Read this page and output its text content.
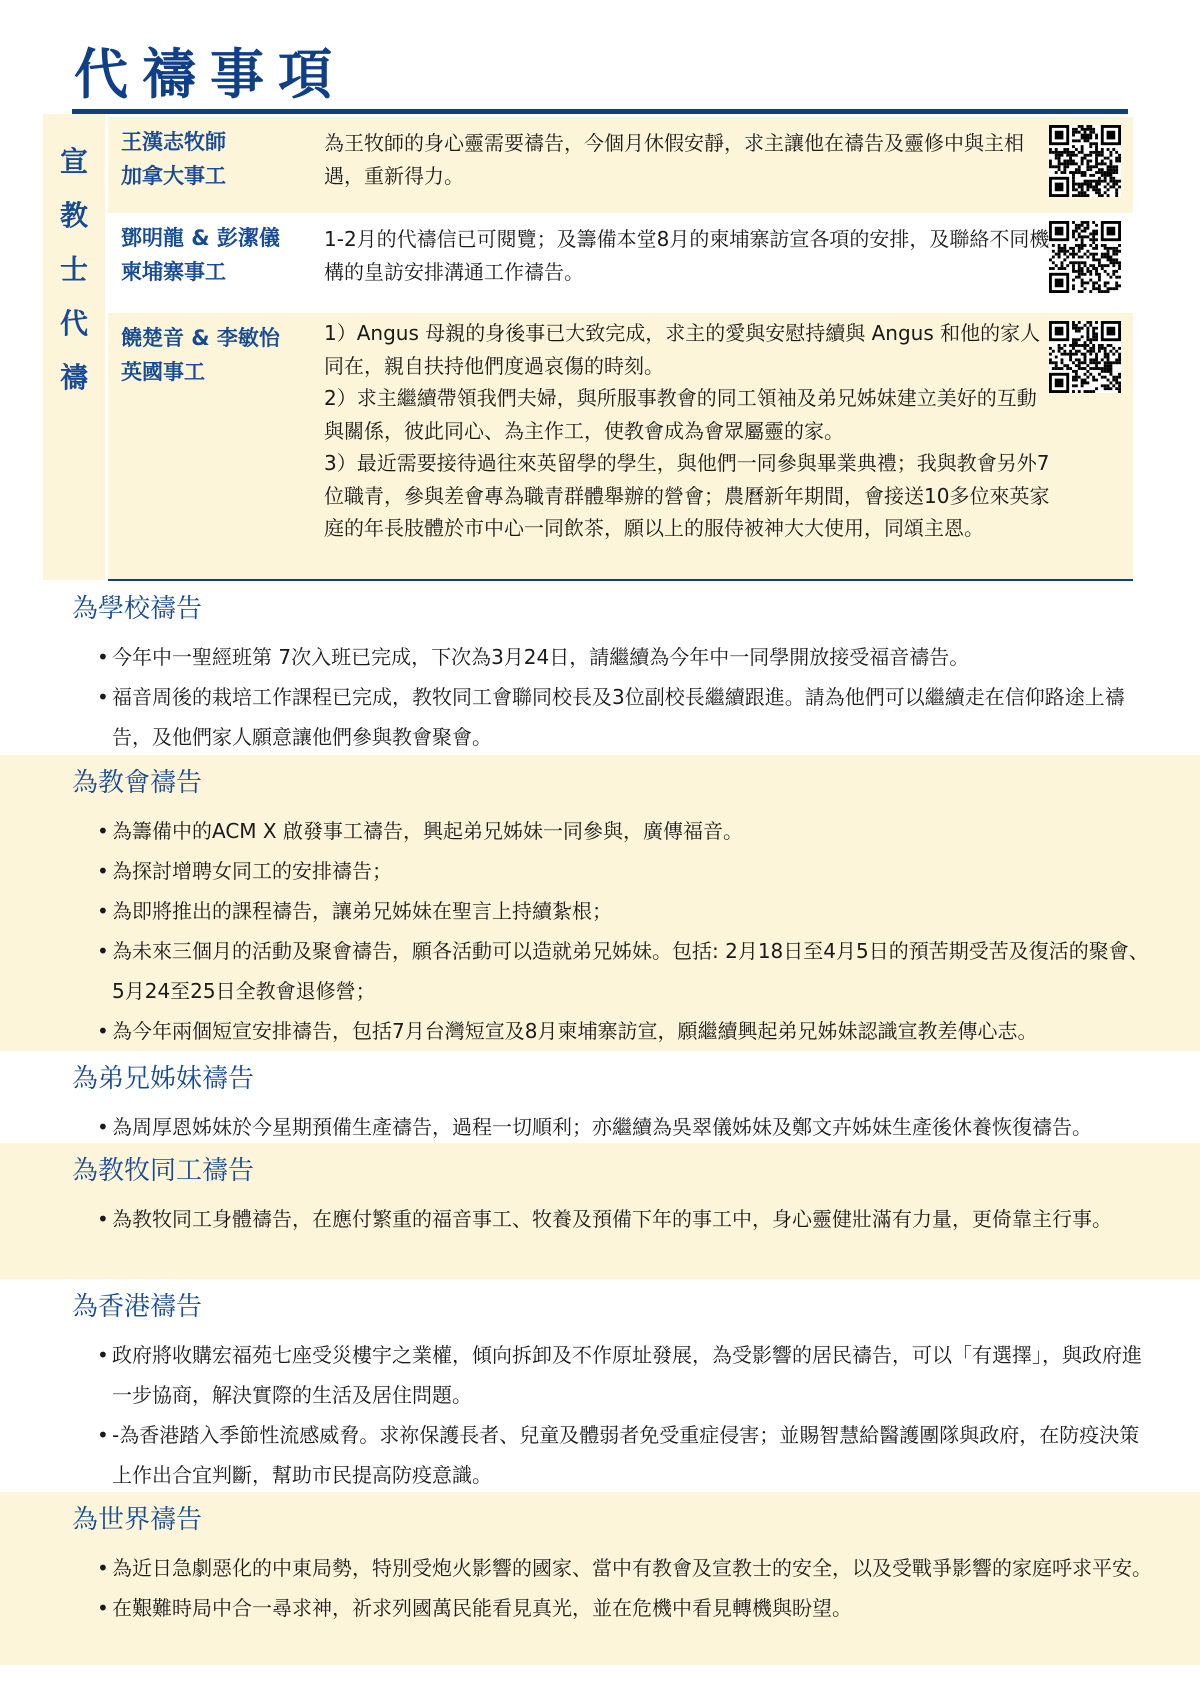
代禱事項
宣
教
士
代
禱
王漢志牧師
加拿大事工
為王牧師的身心靈需要禱告，今個月休假安靜，求主讓他在禱告及靈修中與主相遇，重新得力。
鄧明龍 & 彭潔儀
柬埔寨事工
1-2月的代禱信已可閱覽；及籌備本堂8月的柬埔寨訪宣各項的安排，及聯絡不同機構的皇訪安排溝通工作禱告。
饒楚音 & 李敏怡
英國事工
1）Angus 母親的身後事已大致完成，求主的愛與安慰持續與 Angus 和他的家人同在，親自扶持他們度過哀傷的時刻。
2）求主繼續帶領我們夫婦，與所服事教會的同工領袖及弟兄姊妹建立美好的互動與關係，彼此同心、為主作工，使教會成為會眾屬靈的家。
3）最近需要接待過往來英留學的學生，與他們一同參與畢業典禮；我與教會另外7位職青，參與差會專為職青群體舉辦的營會；農曆新年期間，會接送10多位來英家庭的年長肢體於市中心一同飲茶，願以上的服侍被神大大使用，同頌主恩。
為學校禱告
• 今年中一聖經班第 7次入班已完成，下次為3月24日，請繼續為今年中一同學開放接受福音禱告。
• 福音周後的栽培工作課程已完成，教牧同工會聯同校長及3位副校長繼續跟進。請為他們可以繼續走在信仰路途上禱告，及他們家人願意讓他們參與教會聚會。
為教會禱告
• 為籌備中的ACM X 啟發事工禱告，興起弟兄姊妹一同參與，廣傳福音。
• 為探討增聘女同工的安排禱告；
• 為即將推出的課程禱告，讓弟兄姊妹在聖言上持續紮根；
• 為未來三個月的活動及聚會禱告，願各活動可以造就弟兄姊妹。包括: 2月18日至4月5日的預苦期受苦及復活的聚會、5月24至25日全教會退修營；
• 為今年兩個短宣安排禱告，包括7月台灣短宣及8月柬埔寨訪宣，願繼續興起弟兄姊妹認識宣教差傳心志。
為弟兄姊妹禱告
• 為周厚恩姊妹於今星期預備生產禱告，過程一切順利；亦繼續為吳翠儀姊妹及鄭文卉姊妹生產後休養恢復禱告。
為教牧同工禱告
• 為教牧同工身體禱告，在應付繁重的福音事工、牧養及預備下年的事工中，身心靈健壯滿有力量，更倚靠主行事。
為香港禱告
• 政府將收購宏福苑七座受災樓宇之業權，傾向拆卸及不作原址發展，為受影響的居民禱告，可以「有選擇」，與政府進一步協商，解決實際的生活及居住問題。
• -為香港踏入季節性流感威脅。求祢保護長者、兒童及體弱者免受重症侵害；並賜智慧給醫護團隊與政府，在防疫決策上作出合宜判斷，幫助市民提高防疫意識。
為世界禱告
• 為近日急劇惡化的中東局勢，特別受炮火影響的國家、當中有教會及宣教士的安全，以及受戰爭影響的家庭呼求平安。
• 在艱難時局中合一尋求神，祈求列國萬民能看見真光，並在危機中看見轉機與盼望。
